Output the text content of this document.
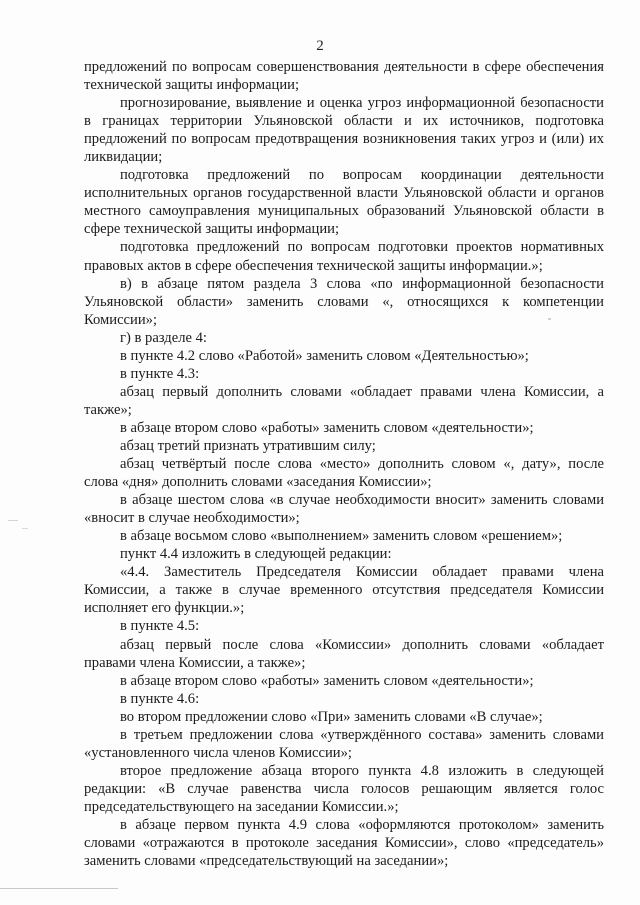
2

предложений по вопросам совершенствования деятельности в сфере обеспечения технической защиты информации;

прогнозирование, выявление и оценка угроз информационной безопасности в границах территории Ульяновской области и их источников, подготовка предложений по вопросам предотвращения возникновения таких угроз и (или) их ликвидации;

подготовка предложений по вопросам координации деятельности исполнительных органов государственной власти Ульяновской области и органов местного самоуправления муниципальных образований Ульяновской области в сфере технической защиты информации;

подготовка предложений по вопросам подготовки проектов нормативных правовых актов в сфере обеспечения технической защиты информации.»;

в) в абзаце пятом раздела 3 слова «по информационной безопасности Ульяновской области» заменить словами «, относящихся к компетенции Комиссии»;

г) в разделе 4:

в пункте 4.2 слово «Работой» заменить словом «Деятельностью»;

в пункте 4.3:

абзац первый дополнить словами «обладает правами члена Комиссии, а также»;

в абзаце втором слово «работы» заменить словом «деятельности»;

абзац третий признать утратившим силу;

абзац четвёртый после слова «место» дополнить словом «, дату», после слова «дня» дополнить словами «заседания Комиссии»;

в абзаце шестом слова «в случае необходимости вносит» заменить словами «вносит в случае необходимости»;

в абзаце восьмом слово «выполнением» заменить словом «решением»;

пункт 4.4 изложить в следующей редакции:

«4.4. Заместитель Председателя Комиссии обладает правами члена Комиссии, а также в случае временного отсутствия председателя Комиссии исполняет его функции.»;

в пункте 4.5:

абзац первый после слова «Комиссии» дополнить словами «обладает правами члена Комиссии, а также»;

в абзаце втором слово «работы» заменить словом «деятельности»;

в пункте 4.6:

во втором предложении слово «При» заменить словами «В случае»;

в третьем предложении слова «утверждённого состава» заменить словами «установленного числа членов Комиссии»;

второе предложение абзаца второго пункта 4.8 изложить в следующей редакции: «В случае равенства числа голосов решающим является голос председательствующего на заседании Комиссии.»;

в абзаце первом пункта 4.9 слова «оформляются протоколом» заменить словами «отражаются в протоколе заседания Комиссии», слово «председатель» заменить словами «председательствующий на заседании»;
